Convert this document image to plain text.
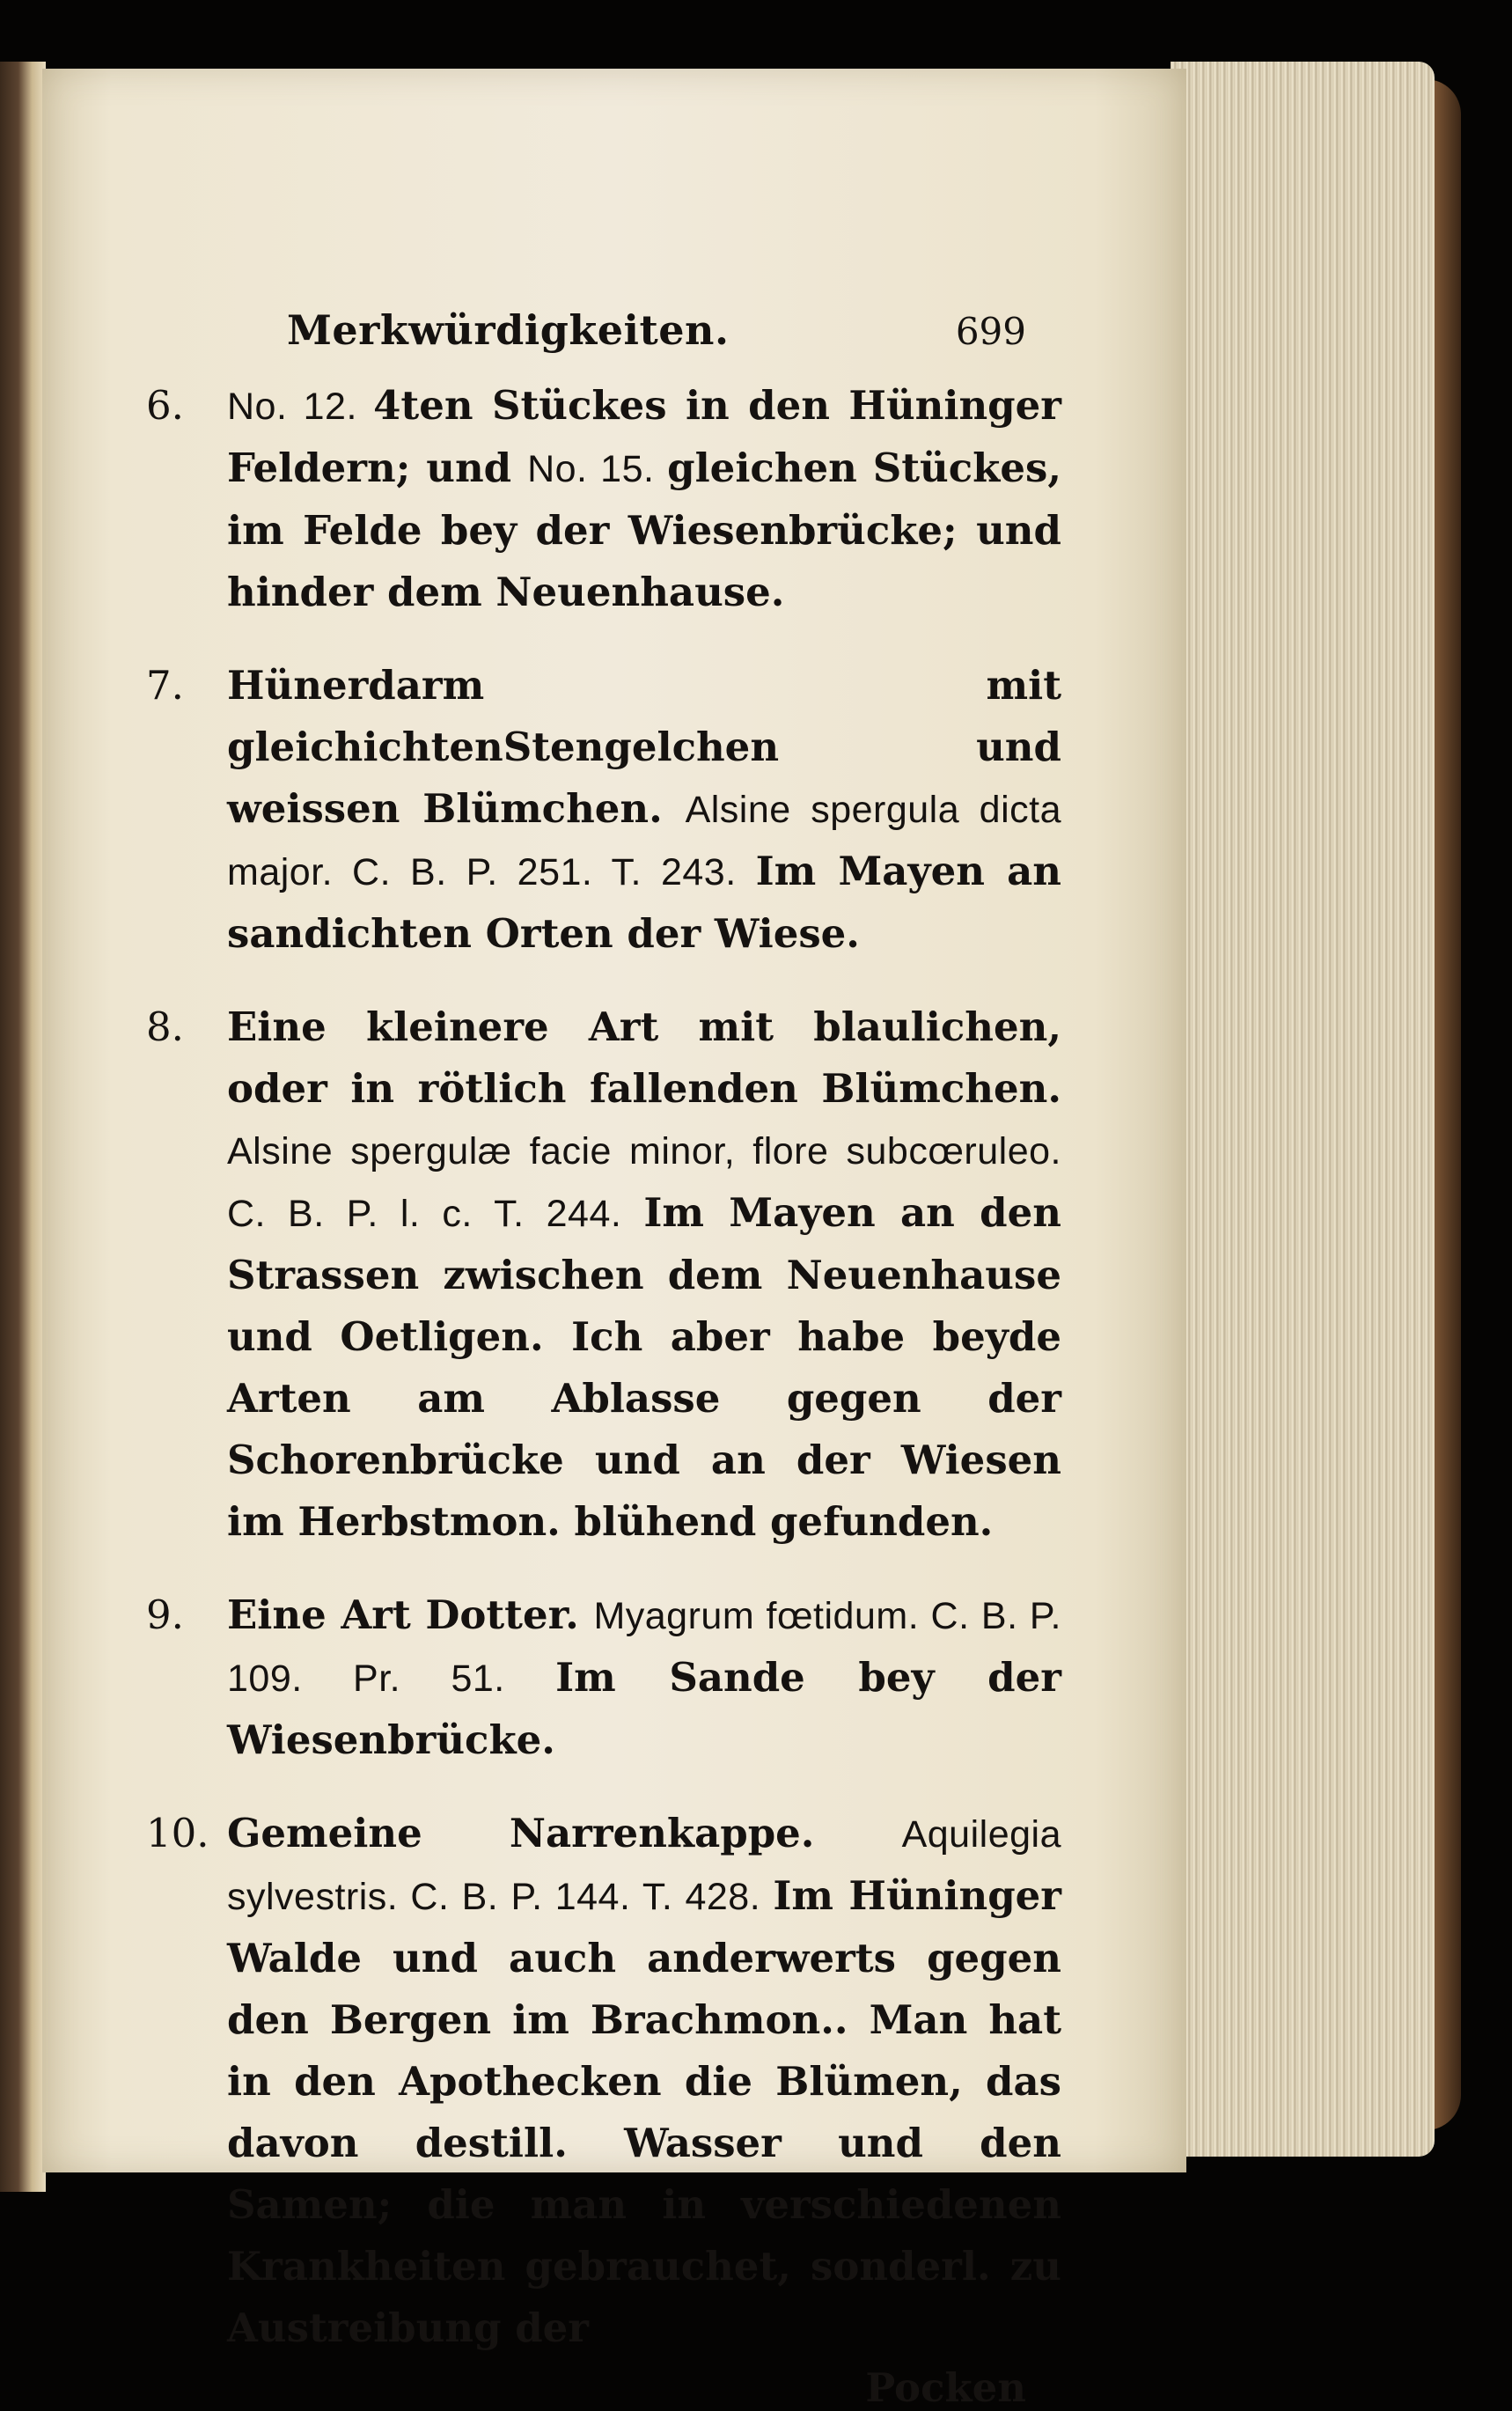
Merkwürdigkeiten.	699
6.	No. 12. 4ten Stückes in den Hüninger Feldern; und No. 15. gleichen Stückes, im Felde bey der Wiesenbrücke; und hinder dem Neuenhause.
7.	Hünerdarm mit gleichichtenStengelchen und weissen Blümchen. Alsine spergula dicta major. C. B. P. 251. T. 243. Im Mayen an sandichten Orten der Wiese.
8.	Eine kleinere Art mit blaulichen, oder in rötlich fallenden Blümchen. Alsine spergulæ facie minor, flore subcœruleo. C. B. P. l. c. T. 244. Im Mayen an den Strassen zwischen dem Neuenhause und Oetligen. Ich aber habe beyde Arten am Ablasse gegen der Schorenbrücke und an der Wiesen im Herbstmon. blühend gefunden.
9.	Eine Art Dotter. Myagrum fœtidum. C. B. P. 109. Pr. 51. Im Sande bey der Wiesenbrücke.
10. Gemeine Narrenkappe. Aquilegia sylvestris. C. B. P. 144. T. 428. Im Hüninger Walde und auch anderwerts gegen den Bergen im Brachmon.. Man hat in den Apothecken die Blümen, das davon destill. Wasser und den Samen; die man in verschiedenen Krankheiten gebrauchet, sonderl. zu Austreibung der
Pocken
